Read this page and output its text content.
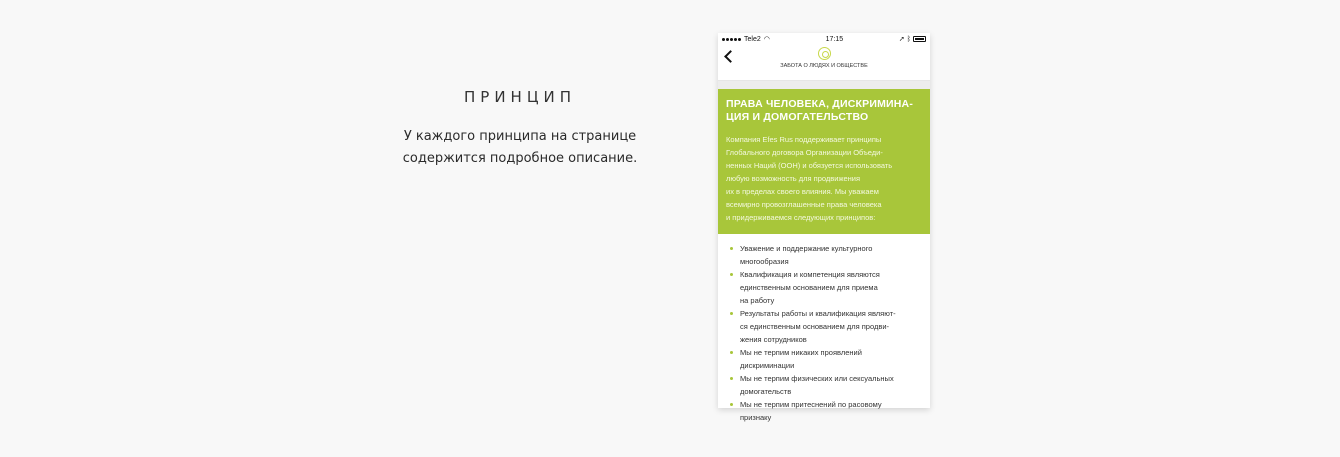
ПРИНЦИП
У каждого принципа на странице
содержится подробное описание.
Tele2 ◠	17:15	➚ ᛒ
ЗАБОТА О ЛЮДЯХ И ОБЩЕСТВЕ
ПРАВА ЧЕЛОВЕКА, ДИСКРИМИНА-
ЦИЯ И ДОМОГАТЕЛЬСТВО

Компания Efes Rus поддерживает принципы
Глобального договора Организации Объеди-
ненных Наций (ООН) и обязуется использовать
любую возможность для продвижения
их в пределах своего влияния. Мы уважаем
всемирно провозглашенные права человека
и придерживаемся следующих принципов:

Уважение и поддержание культурного
многообразия
Квалификация и компетенция являются
единственным основанием для приема
на работу
Результаты работы и квалификация являют-
ся единственным основанием для продви-
жения сотрудников
Мы не терпим никаких проявлений
дискриминации
Мы не терпим физических или сексуальных
домогательств
Мы не терпим притеснений по расовому
признаку
